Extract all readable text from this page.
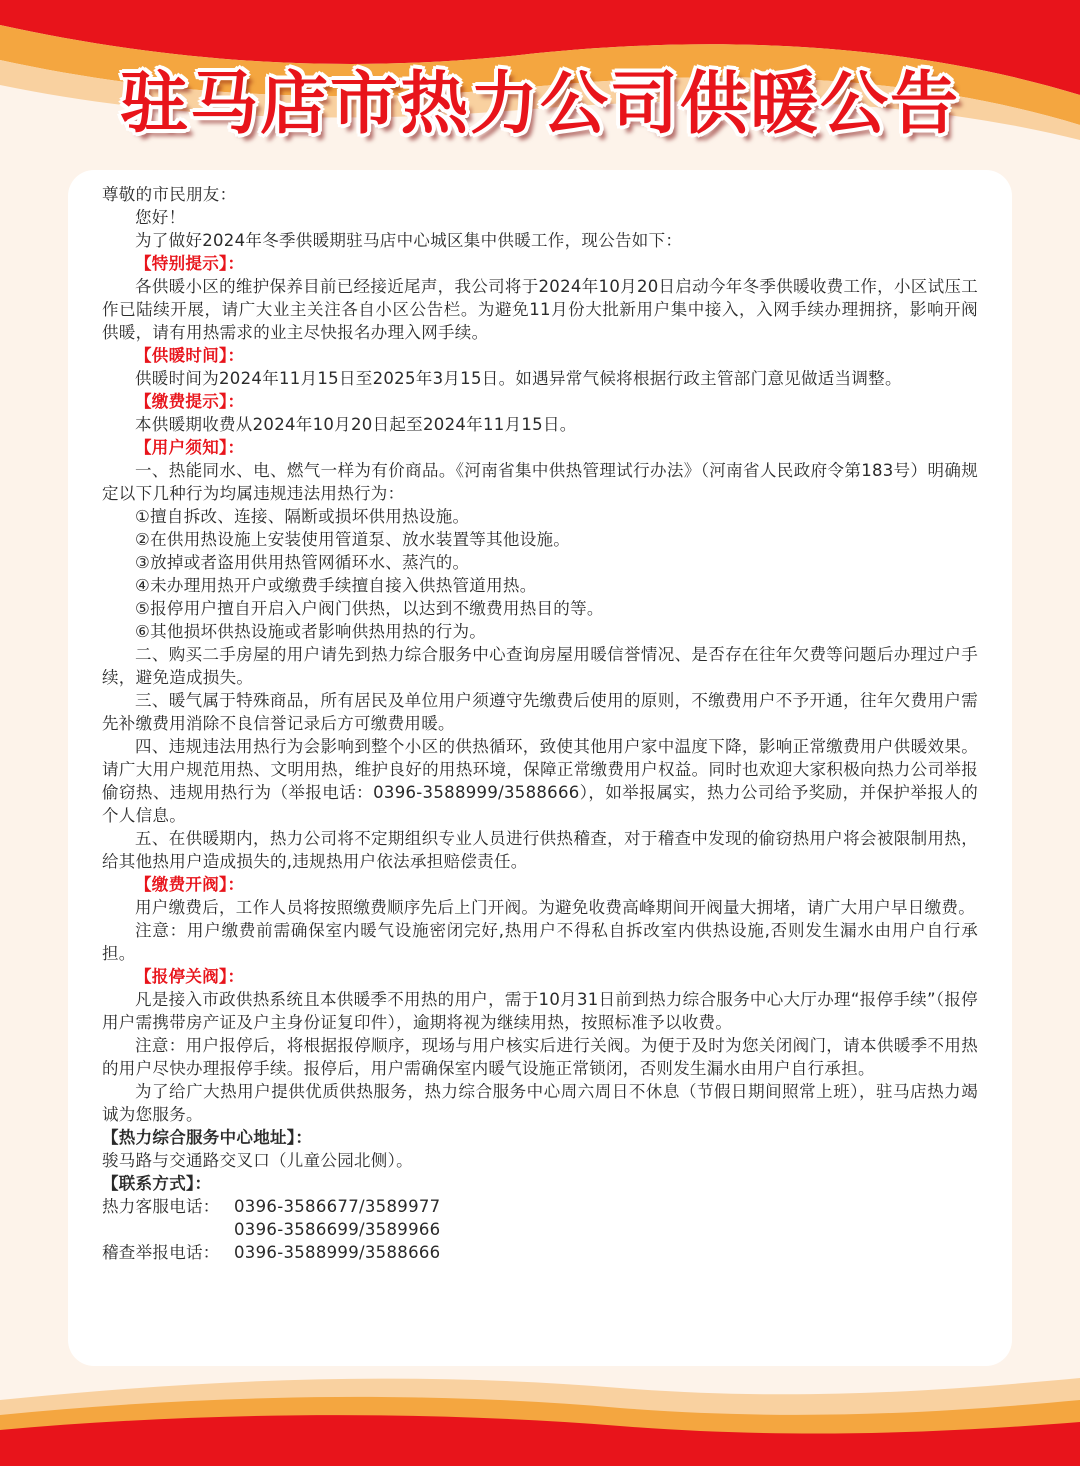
驻马店市热力公司供暖公告

尊敬的市民朋友：

您好！

为了做好2024年冬季供暖期驻马店中心城区集中供暖工作，现公告如下：

【特别提示】：

各供暖小区的维护保养目前已经接近尾声，我公司将于2024年10月20日启动今年冬季供暖收费工作，小区试压工作已陆续开展，请广大业主关注各自小区公告栏。为避免11月份大批新用户集中接入，入网手续办理拥挤，影响开阀供暖，请有用热需求的业主尽快报名办理入网手续。

【供暖时间】：

供暖时间为2024年11月15日至2025年3月15日。如遇异常气候将根据行政主管部门意见做适当调整。

【缴费提示】：

本供暖期收费从2024年10月20日起至2024年11月15日。

【用户须知】：

一、热能同水、电、燃气一样为有价商品。《河南省集中供热管理试行办法》（河南省人民政府令第183号）明确规定以下几种行为均属违规违法用热行为：

①擅自拆改、连接、隔断或损坏供用热设施。

②在供用热设施上安装使用管道泵、放水装置等其他设施。

③放掉或者盗用供用热管网循环水、蒸汽的。

④未办理用热开户或缴费手续擅自接入供热管道用热。

⑤报停用户擅自开启入户阀门供热，以达到不缴费用热目的等。

⑥其他损坏供热设施或者影响供热用热的行为。

二、购买二手房屋的用户请先到热力综合服务中心查询房屋用暖信誉情况、是否存在往年欠费等问题后办理过户手续，避免造成损失。

三、暖气属于特殊商品，所有居民及单位用户须遵守先缴费后使用的原则，不缴费用户不予开通，往年欠费用户需先补缴费用消除不良信誉记录后方可缴费用暖。

四、违规违法用热行为会影响到整个小区的供热循环，致使其他用户家中温度下降，影响正常缴费用户供暖效果。请广大用户规范用热、文明用热，维护良好的用热环境，保障正常缴费用户权益。同时也欢迎大家积极向热力公司举报偷窃热、违规用热行为（举报电话：0396-3588999/3588666），如举报属实，热力公司给予奖励，并保护举报人的个人信息。

五、在供暖期内，热力公司将不定期组织专业人员进行供热稽查，对于稽查中发现的偷窃热用户将会被限制用热，给其他热用户造成损失的,违规热用户依法承担赔偿责任。

【缴费开阀】：

用户缴费后，工作人员将按照缴费顺序先后上门开阀。为避免收费高峰期间开阀量大拥堵，请广大用户早日缴费。

注意：用户缴费前需确保室内暖气设施密闭完好,热用户不得私自拆改室内供热设施,否则发生漏水由用户自行承担。

【报停关阀】：

凡是接入市政供热系统且本供暖季不用热的用户，需于10月31日前到热力综合服务中心大厅办理“报停手续”（报停用户需携带房产证及户主身份证复印件），逾期将视为继续用热，按照标准予以收费。

注意：用户报停后，将根据报停顺序，现场与用户核实后进行关阀。为便于及时为您关闭阀门，请本供暖季不用热的用户尽快办理报停手续。报停后，用户需确保室内暖气设施正常锁闭，否则发生漏水由用户自行承担。

为了给广大热用户提供优质供热服务，热力综合服务中心周六周日不休息（节假日期间照常上班），驻马店热力竭诚为您服务。

【热力综合服务中心地址】：

骏马路与交通路交叉口（儿童公园北侧）。

【联系方式】：

热力客服电话： 0396-3586677/3589977
0396-3586699/3589966
稽查举报电话： 0396-3588999/3588666
